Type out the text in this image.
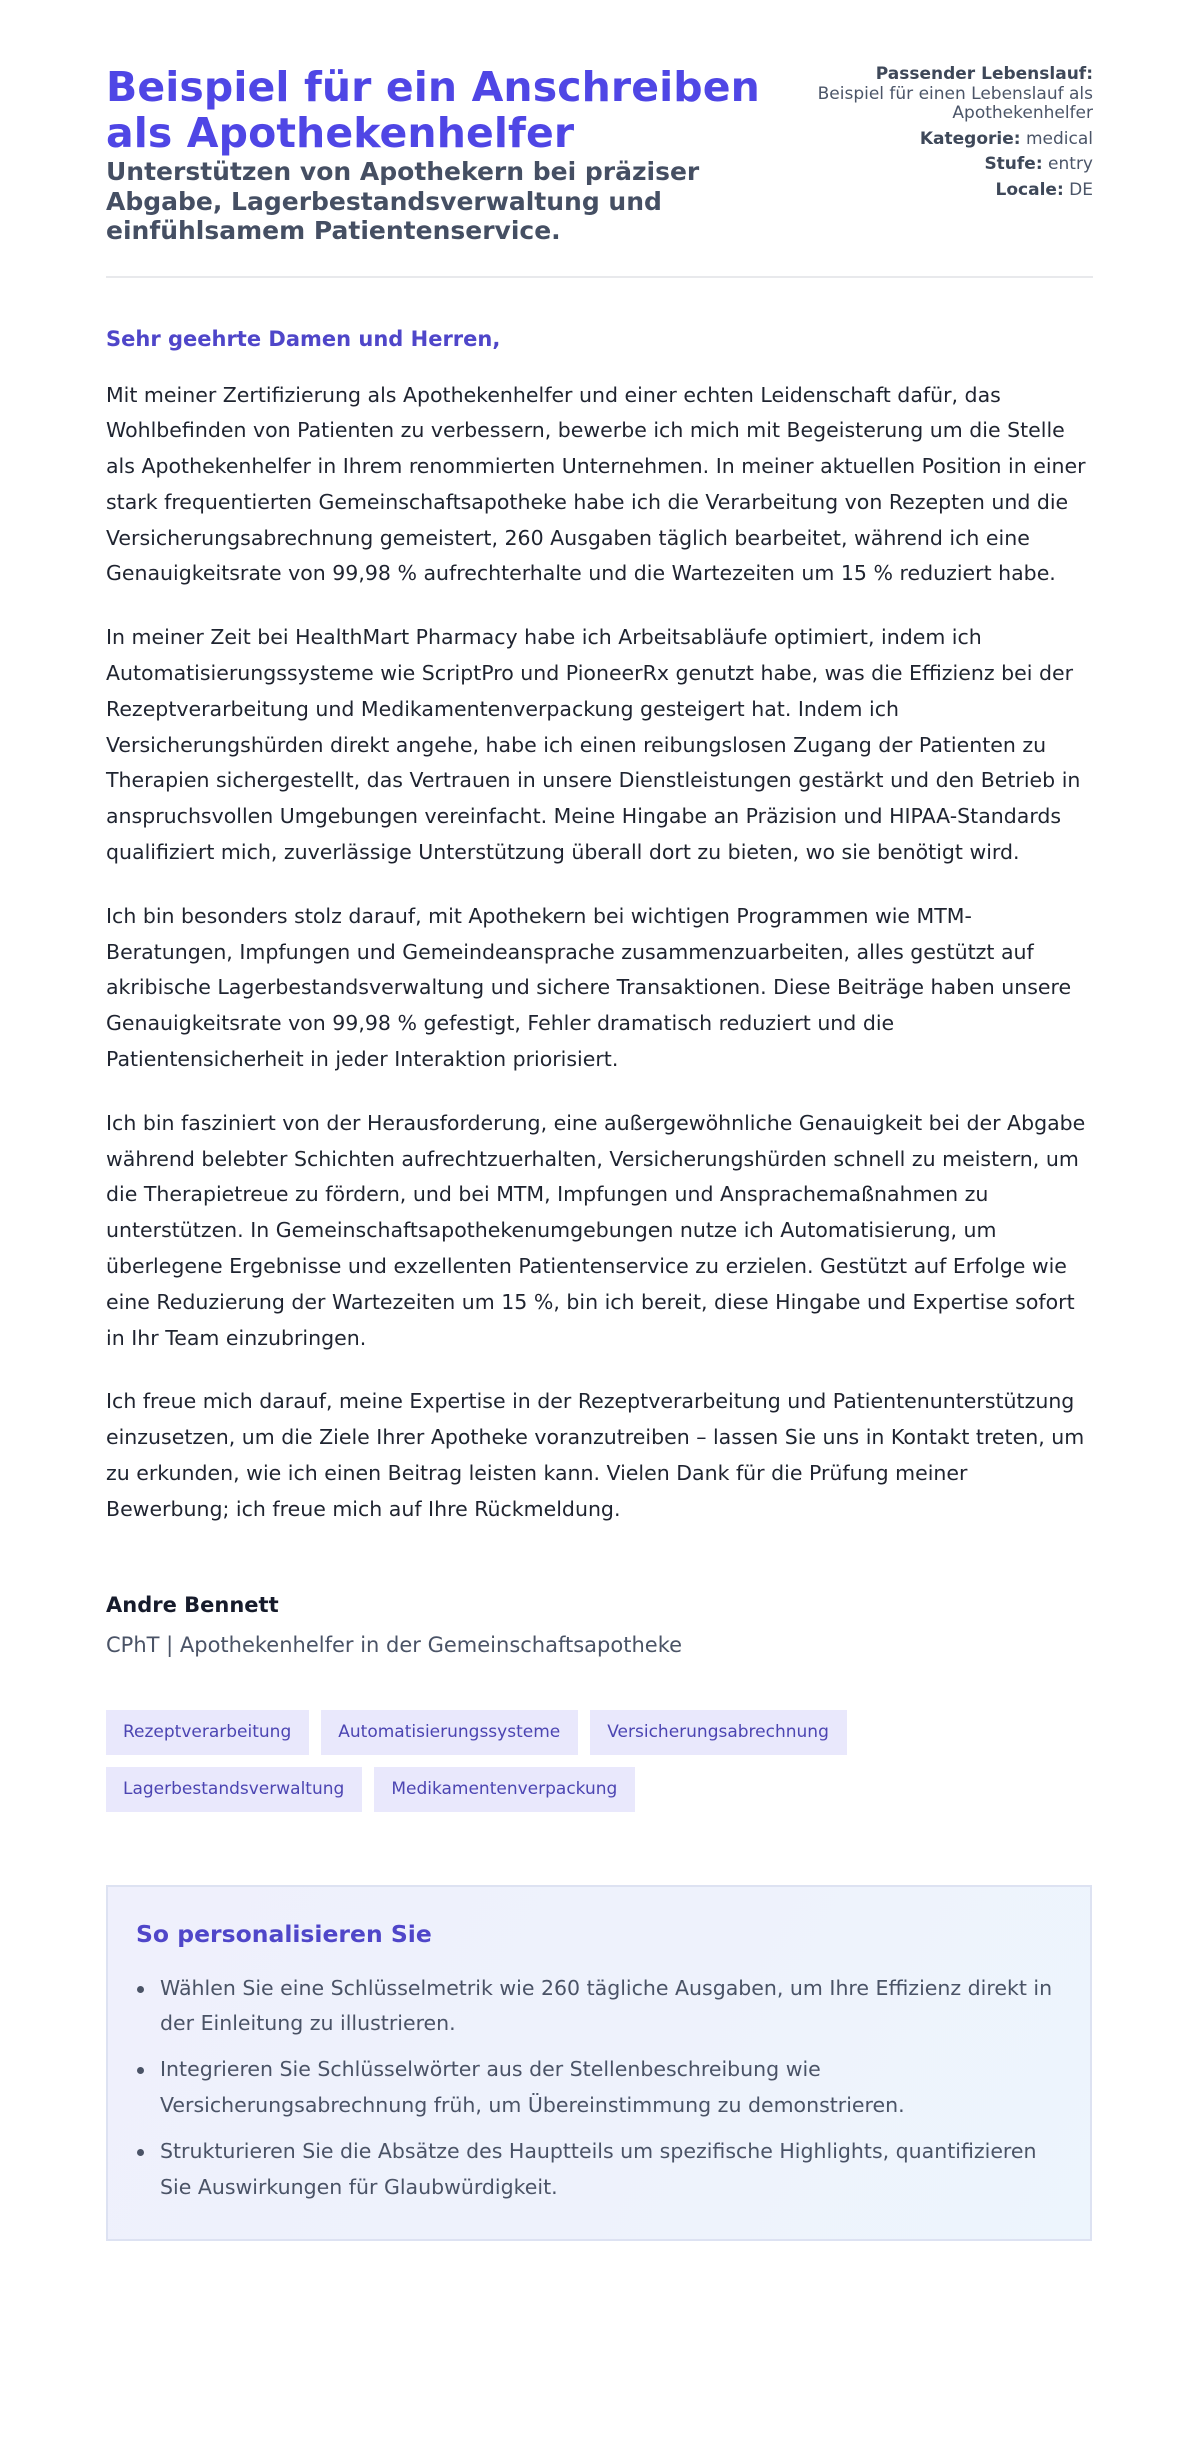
Beispiel für ein Anschreiben als Apothekenhelfer
Unterstützen von Apothekern bei präziser Abgabe, Lagerbestandsverwaltung und einfühlsamem Patientenservice.
Passender Lebenslauf:
Beispiel für einen Lebenslauf als Apothekenhelfer
Kategorie: medical
Stufe: entry
Locale: DE

Sehr geehrte Damen und Herren,

Mit meiner Zertifizierung als Apothekenhelfer und einer echten Leidenschaft dafür, das Wohlbefinden von Patienten zu verbessern, bewerbe ich mich mit Begeisterung um die Stelle als Apothekenhelfer in Ihrem renommierten Unternehmen. In meiner aktuellen Position in einer stark frequentierten Gemeinschaftsapotheke habe ich die Verarbeitung von Rezepten und die Versicherungsabrechnung gemeistert, 260 Ausgaben täglich bearbeitet, während ich eine Genauigkeitsrate von 99,98 % aufrechterhalte und die Wartezeiten um 15 % reduziert habe.

In meiner Zeit bei HealthMart Pharmacy habe ich Arbeitsabläufe optimiert, indem ich Automatisierungssysteme wie ScriptPro und PioneerRx genutzt habe, was die Effizienz bei der Rezeptverarbeitung und Medikamentenverpackung gesteigert hat. Indem ich Versicherungshürden direkt angehe, habe ich einen reibungslosen Zugang der Patienten zu Therapien sichergestellt, das Vertrauen in unsere Dienstleistungen gestärkt und den Betrieb in anspruchsvollen Umgebungen vereinfacht. Meine Hingabe an Präzision und HIPAA-Standards qualifiziert mich, zuverlässige Unterstützung überall dort zu bieten, wo sie benötigt wird.

Ich bin besonders stolz darauf, mit Apothekern bei wichtigen Programmen wie MTM-Beratungen, Impfungen und Gemeindeansprache zusammenzuarbeiten, alles gestützt auf akribische Lagerbestandsverwaltung und sichere Transaktionen. Diese Beiträge haben unsere Genauigkeitsrate von 99,98 % gefestigt, Fehler dramatisch reduziert und die Patientensicherheit in jeder Interaktion priorisiert.

Ich bin fasziniert von der Herausforderung, eine außergewöhnliche Genauigkeit bei der Abgabe während belebter Schichten aufrechtzuerhalten, Versicherungshürden schnell zu meistern, um die Therapietreue zu fördern, und bei MTM, Impfungen und Ansprachemaßnahmen zu unterstützen. In Gemeinschaftsapothekenumgebungen nutze ich Automatisierung, um überlegene Ergebnisse und exzellenten Patientenservice zu erzielen. Gestützt auf Erfolge wie eine Reduzierung der Wartezeiten um 15 %, bin ich bereit, diese Hingabe und Expertise sofort in Ihr Team einzubringen.

Ich freue mich darauf, meine Expertise in der Rezeptverarbeitung und Patientenunterstützung einzusetzen, um die Ziele Ihrer Apotheke voranzutreiben – lassen Sie uns in Kontakt treten, um zu erkunden, wie ich einen Beitrag leisten kann. Vielen Dank für die Prüfung meiner Bewerbung; ich freue mich auf Ihre Rückmeldung.

Andre Bennett
CPhT | Apothekenhelfer in der Gemeinschaftsapotheke
Rezeptverarbeitung	Automatisierungssysteme	Versicherungsabrechnung
Lagerbestandsverwaltung	Medikamentenverpackung
So personalisieren Sie
Wählen Sie eine Schlüsselmetrik wie 260 tägliche Ausgaben, um Ihre Effizienz direkt in der Einleitung zu illustrieren.
Integrieren Sie Schlüsselwörter aus der Stellenbeschreibung wie Versicherungsabrechnung früh, um Übereinstimmung zu demonstrieren.
Strukturieren Sie die Absätze des Hauptteils um spezifische Highlights, quantifizieren Sie Auswirkungen für Glaubwürdigkeit.
